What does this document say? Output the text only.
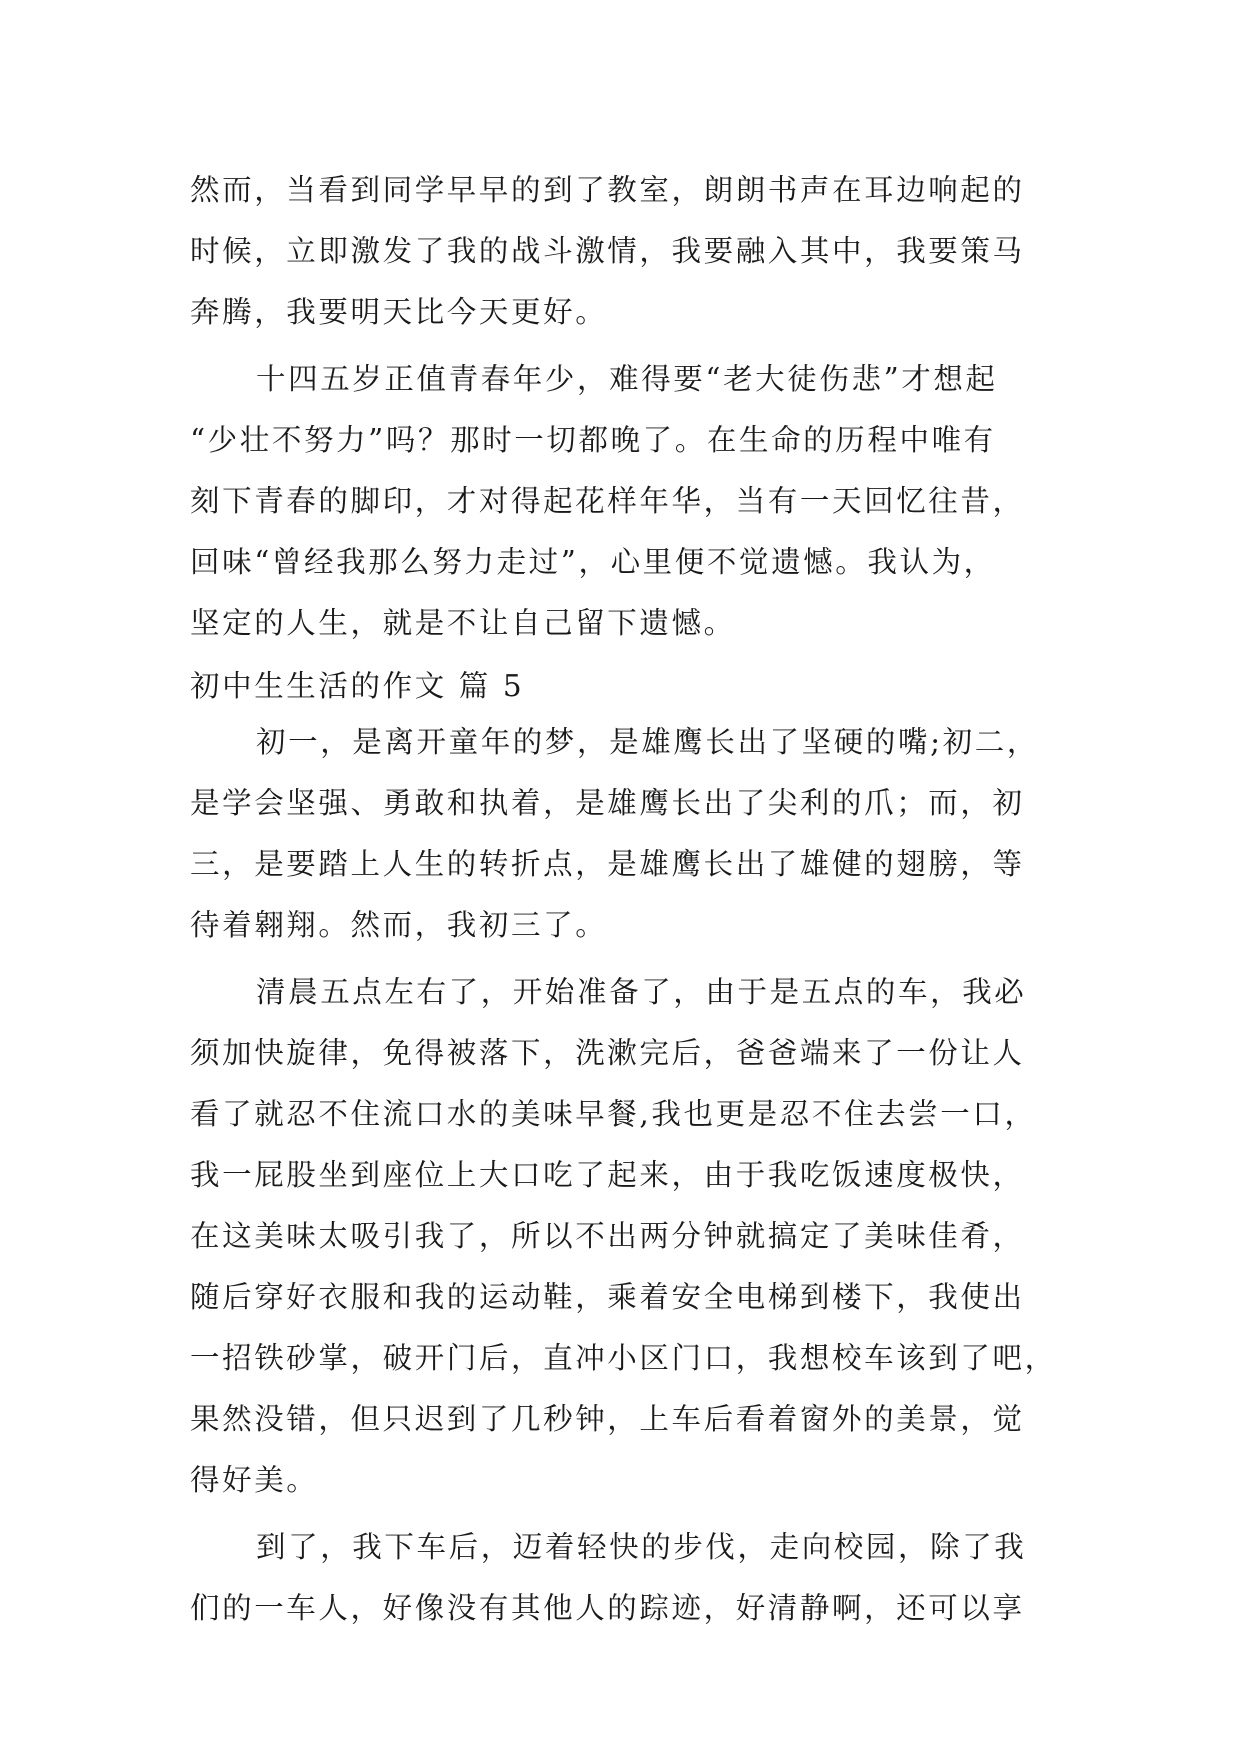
然而，当看到同学早早的到了教室，朗朗书声在耳边响起的
时候，立即激发了我的战斗激情，我要融入其中，我要策马
奔腾，我要明天比今天更好。

十四五岁正值青春年少，难得要“老大徒伤悲”才想起
“少壮不努力”吗？那时一切都晚了。在生命的历程中唯有
刻下青春的脚印，才对得起花样年华，当有一天回忆往昔，
回味“曾经我那么努力走过”，心里便不觉遗憾。我认为，
坚定的人生，就是不让自己留下遗憾。

初中生生活的作文 篇 5

初一，是离开童年的梦，是雄鹰长出了坚硬的嘴;初二，
是学会坚强、勇敢和执着，是雄鹰长出了尖利的爪；而，初
三，是要踏上人生的转折点，是雄鹰长出了雄健的翅膀，等
待着翱翔。然而，我初三了。

清晨五点左右了，开始准备了，由于是五点的车，我必
须加快旋律，免得被落下，洗漱完后，爸爸端来了一份让人
看了就忍不住流口水的美味早餐,我也更是忍不住去尝一口，
我一屁股坐到座位上大口吃了起来，由于我吃饭速度极快，
在这美味太吸引我了，所以不出两分钟就搞定了美味佳肴，
随后穿好衣服和我的运动鞋，乘着安全电梯到楼下，我使出
一招铁砂掌，破开门后，直冲小区门口，我想校车该到了吧，
果然没错，但只迟到了几秒钟，上车后看着窗外的美景，觉
得好美。

到了，我下车后，迈着轻快的步伐，走向校园，除了我
们的一车人，好像没有其他人的踪迹，好清静啊，还可以享
